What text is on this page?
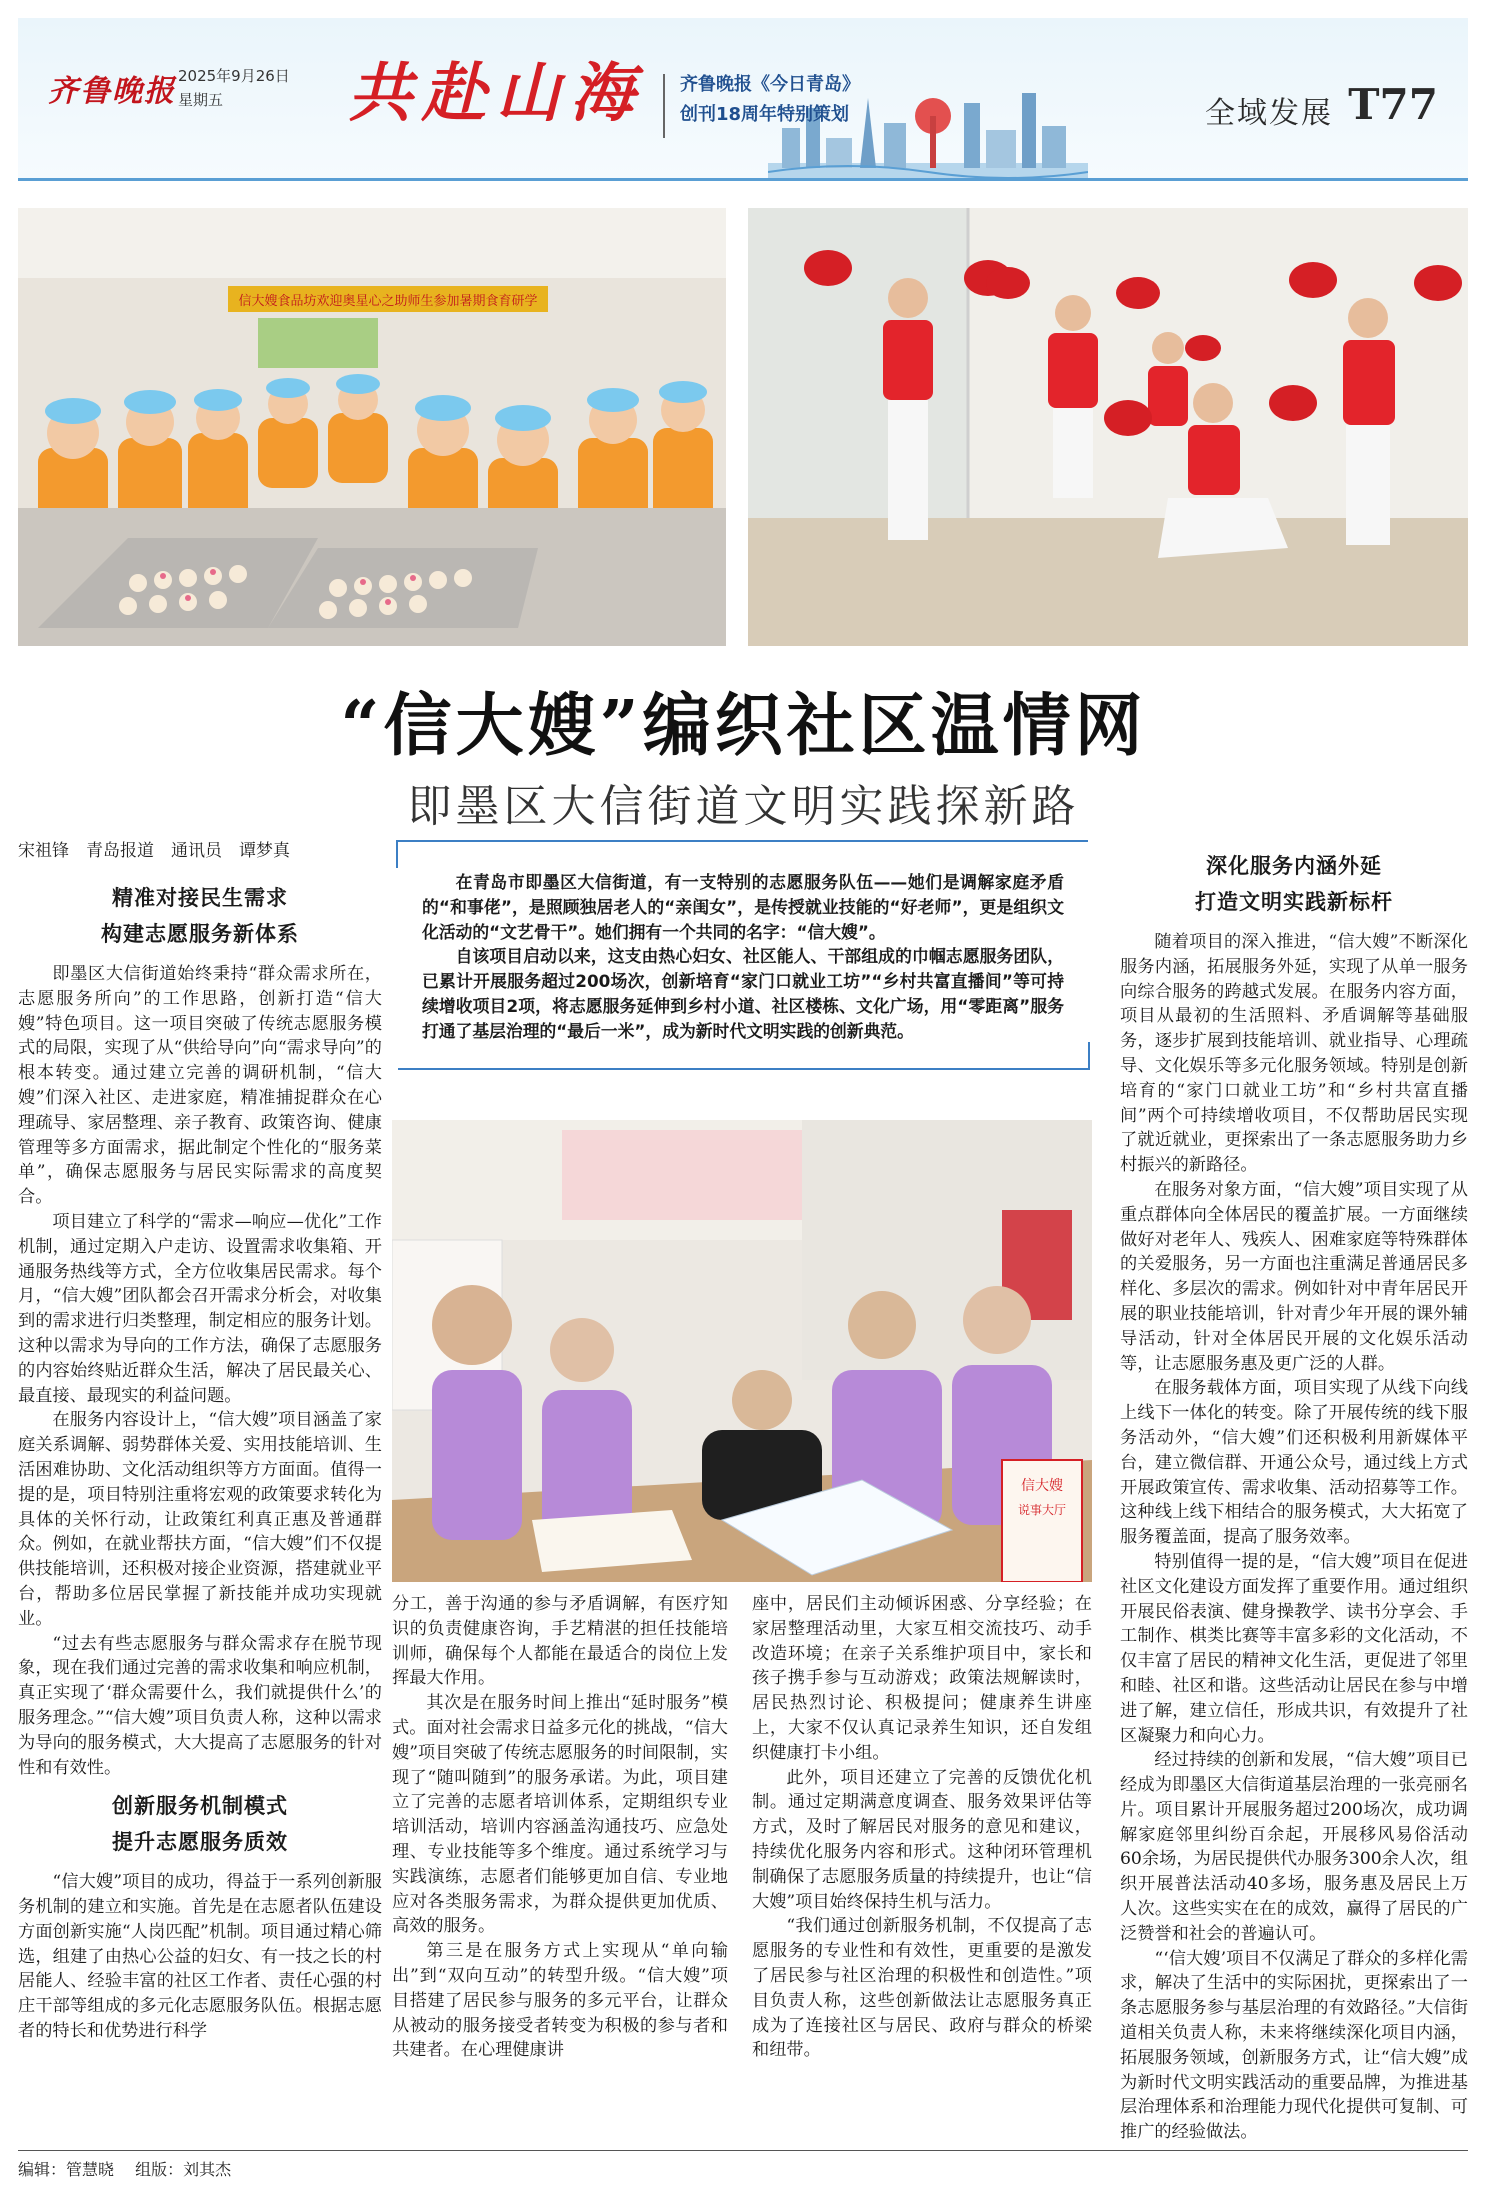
齐鲁晚报 2025年9月26日
星期五	共赴山海 齐鲁晚报《今日青岛》
创刊18周年特别策划	全域发展 T77
信大嫂食品坊欢迎奥星心之助师生参加暑期食育研学
“信大嫂”编织社区温情网
即墨区大信街道文明实践探新路
宋祖锋　青岛报道　通讯员　谭梦真

在青岛市即墨区大信街道，有一支特别的志愿服务队伍——她们是调解家庭矛盾的“和事佬”，是照顾独居老人的“亲闺女”，是传授就业技能的“好老师”，更是组织文化活动的“文艺骨干”。她们拥有一个共同的名字：“信大嫂”。

自该项目启动以来，这支由热心妇女、社区能人、干部组成的巾帼志愿服务团队，已累计开展服务超过200场次，创新培育“家门口就业工坊”“乡村共富直播间”等可持续增收项目2项，将志愿服务延伸到乡村小道、社区楼栋、文化广场，用“零距离”服务打通了基层治理的“最后一米”，成为新时代文明实践的创新典范。

信大嫂
说事大厅
精准对接民生需求
构建志愿服务新体系

即墨区大信街道始终秉持“群众需求所在，志愿服务所向”的工作思路，创新打造“信大嫂”特色项目。这一项目突破了传统志愿服务模式的局限，实现了从“供给导向”向“需求导向”的根本转变。通过建立完善的调研机制，“信大嫂”们深入社区、走进家庭，精准捕捉群众在心理疏导、家居整理、亲子教育、政策咨询、健康管理等多方面需求，据此制定个性化的“服务菜单”，确保志愿服务与居民实际需求的高度契合。

项目建立了科学的“需求—响应—优化”工作机制，通过定期入户走访、设置需求收集箱、开通服务热线等方式，全方位收集居民需求。每个月，“信大嫂”团队都会召开需求分析会，对收集到的需求进行归类整理，制定相应的服务计划。这种以需求为导向的工作方法，确保了志愿服务的内容始终贴近群众生活，解决了居民最关心、最直接、最现实的利益问题。

在服务内容设计上，“信大嫂”项目涵盖了家庭关系调解、弱势群体关爱、实用技能培训、生活困难协助、文化活动组织等方方面面。值得一提的是，项目特别注重将宏观的政策要求转化为具体的关怀行动，让政策红利真正惠及普通群众。例如，在就业帮扶方面，“信大嫂”们不仅提供技能培训，还积极对接企业资源，搭建就业平台，帮助多位居民掌握了新技能并成功实现就业。

“过去有些志愿服务与群众需求存在脱节现象，现在我们通过完善的需求收集和响应机制，真正实现了‘群众需要什么，我们就提供什么’的服务理念。”“信大嫂”项目负责人称，这种以需求为导向的服务模式，大大提高了志愿服务的针对性和有效性。

创新服务机制模式
提升志愿服务质效

“信大嫂”项目的成功，得益于一系列创新服务机制的建立和实施。首先是在志愿者队伍建设方面创新实施“人岗匹配”机制。项目通过精心筛选，组建了由热心公益的妇女、有一技之长的村居能人、经验丰富的社区工作者、责任心强的村庄干部等组成的多元化志愿服务队伍。根据志愿者的特长和优势进行科学

分工，善于沟通的参与矛盾调解，有医疗知识的负责健康咨询，手艺精湛的担任技能培训师，确保每个人都能在最适合的岗位上发挥最大作用。

其次是在服务时间上推出“延时服务”模式。面对社会需求日益多元化的挑战，“信大嫂”项目突破了传统志愿服务的时间限制，实现了“随叫随到”的服务承诺。为此，项目建立了完善的志愿者培训体系，定期组织专业培训活动，培训内容涵盖沟通技巧、应急处理、专业技能等多个维度。通过系统学习与实践演练，志愿者们能够更加自信、专业地应对各类服务需求，为群众提供更加优质、高效的服务。

第三是在服务方式上实现从“单向输出”到“双向互动”的转型升级。“信大嫂”项目搭建了居民参与服务的多元平台，让群众从被动的服务接受者转变为积极的参与者和共建者。在心理健康讲

座中，居民们主动倾诉困惑、分享经验；在家居整理活动里，大家互相交流技巧、动手改造环境；在亲子关系维护项目中，家长和孩子携手参与互动游戏；政策法规解读时，居民热烈讨论、积极提问；健康养生讲座上，大家不仅认真记录养生知识，还自发组织健康打卡小组。

此外，项目还建立了完善的反馈优化机制。通过定期满意度调查、服务效果评估等方式，及时了解居民对服务的意见和建议，持续优化服务内容和形式。这种闭环管理机制确保了志愿服务质量的持续提升，也让“信大嫂”项目始终保持生机与活力。

“我们通过创新服务机制，不仅提高了志愿服务的专业性和有效性，更重要的是激发了居民参与社区治理的积极性和创造性。”项目负责人称，这些创新做法让志愿服务真正成为了连接社区与居民、政府与群众的桥梁和纽带。

深化服务内涵外延
打造文明实践新标杆

随着项目的深入推进，“信大嫂”不断深化服务内涵，拓展服务外延，实现了从单一服务向综合服务的跨越式发展。在服务内容方面，项目从最初的生活照料、矛盾调解等基础服务，逐步扩展到技能培训、就业指导、心理疏导、文化娱乐等多元化服务领域。特别是创新培育的“家门口就业工坊”和“乡村共富直播间”两个可持续增收项目，不仅帮助居民实现了就近就业，更探索出了一条志愿服务助力乡村振兴的新路径。

在服务对象方面，“信大嫂”项目实现了从重点群体向全体居民的覆盖扩展。一方面继续做好对老年人、残疾人、困难家庭等特殊群体的关爱服务，另一方面也注重满足普通居民多样化、多层次的需求。例如针对中青年居民开展的职业技能培训，针对青少年开展的课外辅导活动，针对全体居民开展的文化娱乐活动等，让志愿服务惠及更广泛的人群。

在服务载体方面，项目实现了从线下向线上线下一体化的转变。除了开展传统的线下服务活动外，“信大嫂”们还积极利用新媒体平台，建立微信群、开通公众号，通过线上方式开展政策宣传、需求收集、活动招募等工作。这种线上线下相结合的服务模式，大大拓宽了服务覆盖面，提高了服务效率。

特别值得一提的是，“信大嫂”项目在促进社区文化建设方面发挥了重要作用。通过组织开展民俗表演、健身操教学、读书分享会、手工制作、棋类比赛等丰富多彩的文化活动，不仅丰富了居民的精神文化生活，更促进了邻里和睦、社区和谐。这些活动让居民在参与中增进了解，建立信任，形成共识，有效提升了社区凝聚力和向心力。

经过持续的创新和发展，“信大嫂”项目已经成为即墨区大信街道基层治理的一张亮丽名片。项目累计开展服务超过200场次，成功调解家庭邻里纠纷百余起，开展移风易俗活动60余场，为居民提供代办服务300余人次，组织开展普法活动40多场，服务惠及居民上万人次。这些实实在在的成效，赢得了居民的广泛赞誉和社会的普遍认可。

“‘信大嫂’项目不仅满足了群众的多样化需求，解决了生活中的实际困扰，更探索出了一条志愿服务参与基层治理的有效路径。”大信街道相关负责人称，未来将继续深化项目内涵，拓展服务领域，创新服务方式，让“信大嫂”成为新时代文明实践活动的重要品牌，为推进基层治理体系和治理能力现代化提供可复制、可推广的经验做法。

编辑：管慧晓 组版：刘其杰
